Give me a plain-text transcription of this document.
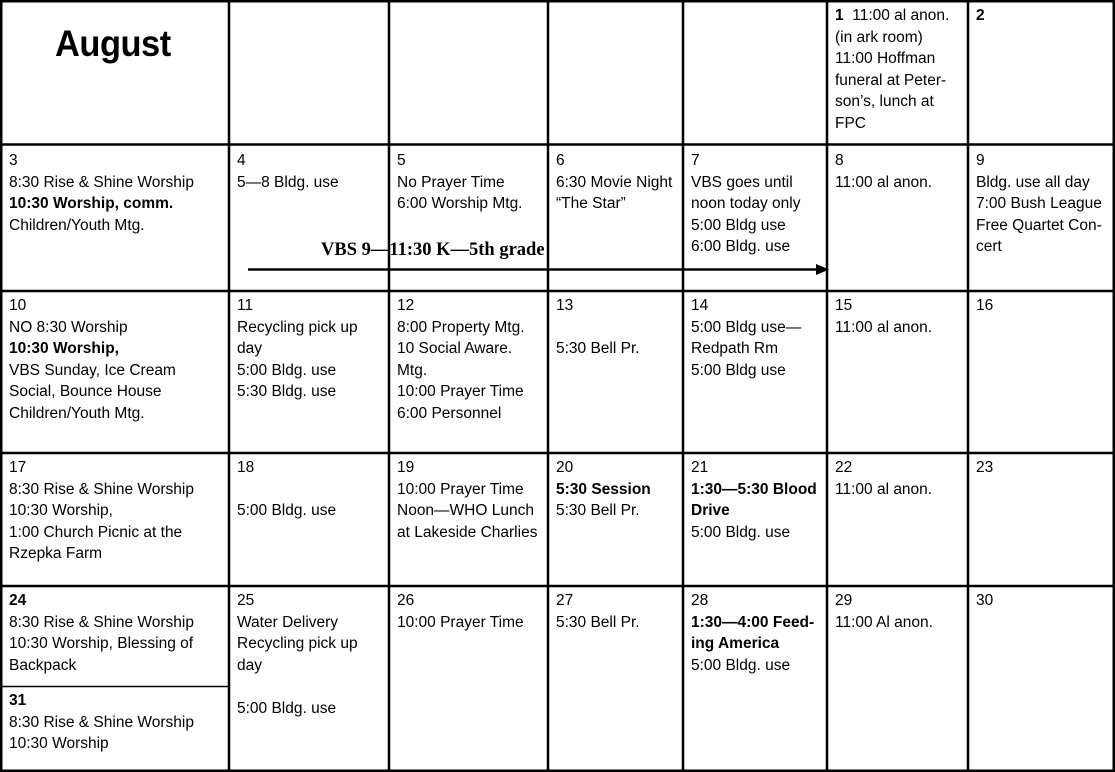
August
1  11:00 al anon.
(in ark room)
11:00 Hoffman
funeral at Peter-
son’s, lunch at
FPC
2
3
8:30 Rise & Shine Worship
10:30 Worship, comm.
Children/Youth Mtg.
4
5—8 Bldg. use
5
No Prayer Time
6:00 Worship Mtg.
6
6:30 Movie Night
“The Star”
7
VBS goes until
noon today only
5:00 Bldg use
6:00 Bldg. use
8
11:00 al anon.
9
Bldg. use all day
7:00 Bush League
Free Quartet Con-
cert
10
NO 8:30 Worship
10:30 Worship,
VBS Sunday, Ice Cream
Social, Bounce House
Children/Youth Mtg.
11
Recycling pick up
day
5:00 Bldg. use
5:30 Bldg. use
12
8:00 Property Mtg.
10 Social Aware.
Mtg.
10:00 Prayer Time
6:00 Personnel
13
5:30 Bell Pr.
14
5:00 Bldg use—
Redpath Rm
5:00 Bldg use
15
11:00 al anon.
16
17
8:30 Rise & Shine Worship
10:30 Worship,
1:00 Church Picnic at the
Rzepka Farm
18
5:00 Bldg. use
19
10:00 Prayer Time
Noon—WHO Lunch
at Lakeside Charlies
20
5:30 Session
5:30 Bell Pr.
21
1:30—5:30 Blood
Drive
5:00 Bldg. use
22
11:00 al anon.
23
24
8:30 Rise & Shine Worship
10:30 Worship, Blessing of
Backpack
31
8:30 Rise & Shine Worship
10:30 Worship
25
Water Delivery
Recycling pick up
day
5:00 Bldg. use
26
10:00 Prayer Time
27
5:30 Bell Pr.
28
1:30—4:00 Feed-
ing America
5:00 Bldg. use
29
11:00 Al anon.
30
VBS 9—11:30 K—5th grade
